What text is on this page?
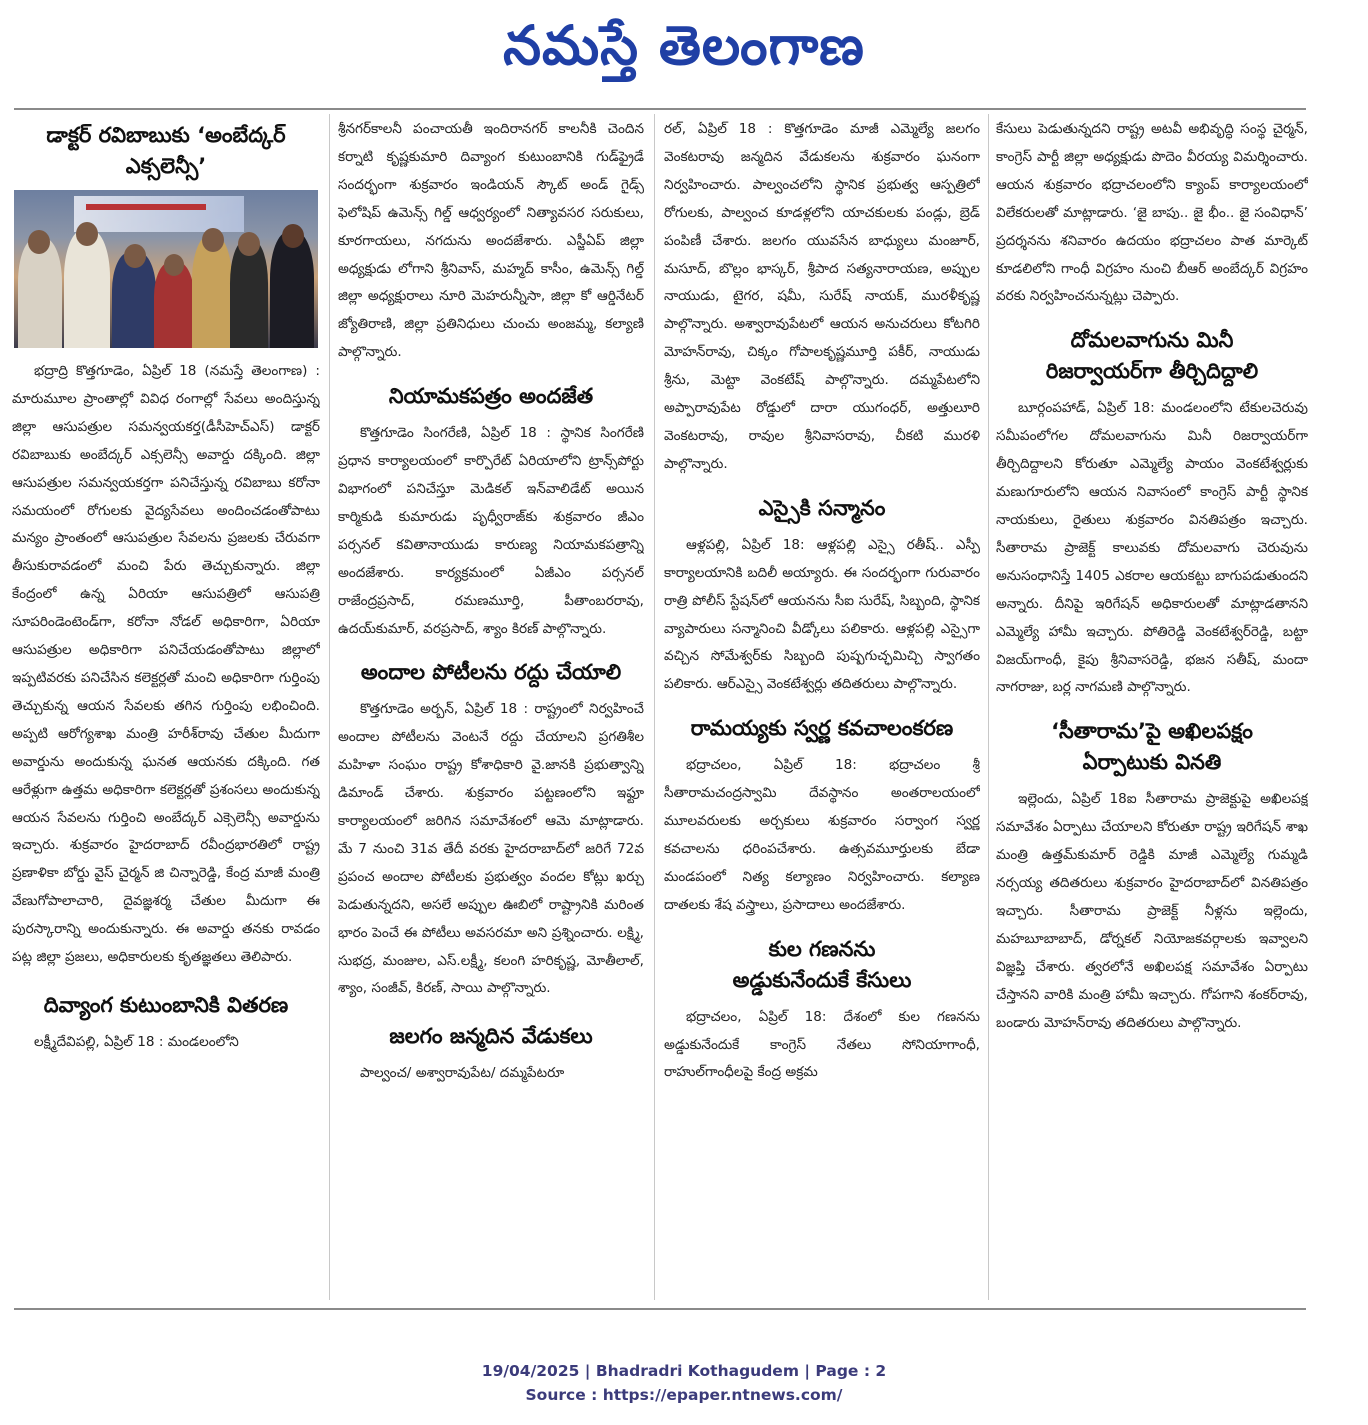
నమస్తే తెలంగాణ
డాక్టర్ రవిబాబుకు ‘అంబేద్కర్ ఎక్సలెన్సీ’

భద్రాద్రి కొత్తగూడెం, ఏప్రిల్ 18 (నమస్తే తెలంగాణ) : మారుమూల ప్రాంతాల్లో వివిధ రంగాల్లో సేవలు అందిస్తున్న జిల్లా ఆసుపత్రుల సమన్వయకర్త(డీసీహెచ్ఎస్) డాక్టర్ రవిబాబుకు అంబేద్కర్ ఎక్సలెన్సీ అవార్డు దక్కింది. జిల్లా ఆసుపత్రుల సమన్వయకర్తగా పనిచేస్తున్న రవిబాబు కరోనా సమయంలో రోగులకు వైద్యసేవలు అందించడంతోపాటు మన్యం ప్రాంతంలో ఆసుపత్రుల సేవలను ప్రజలకు చేరువగా తీసుకురావడంలో మంచి పేరు తెచ్చుకున్నారు. జిల్లా కేంద్రంలో ఉన్న ఏరియా ఆసుపత్రిలో ఆసుపత్రి సూపరిండెంటెండ్‌గా, కరోనా నోడల్ అధికారిగా, ఏరియా ఆసుపత్రుల అధికారిగా పనిచేయడంతోపాటు జిల్లాలో ఇప్పటివరకు పనిచేసిన కలెక్టర్లతో మంచి అధికారిగా గుర్తింపు తెచ్చుకున్న ఆయన సేవలకు తగిన గుర్తింపు లభించింది. అప్పటి ఆరోగ్యశాఖ మంత్రి హరీశ్‌రావు చేతుల మీదుగా అవార్డును అందుకున్న ఘనత ఆయనకు దక్కింది. గత ఆరేళ్లుగా ఉత్తమ అధికారిగా కలెక్టర్లతో ప్రశంసలు అందుకున్న ఆయన సేవలను గుర్తించి అంబేద్కర్ ఎక్సెలెన్సీ అవార్డును ఇచ్చారు. శుక్రవారం హైదరాబాద్ రవీంద్రభారతిలో రాష్ట్ర ప్రణాళికా బోర్డు వైస్ చైర్మన్ జి చిన్నారెడ్డి, కేంద్ర మాజీ మంత్రి వేణుగోపాలాచారి, దైవజ్ఞశర్మ చేతుల మీదుగా ఈ పురస్కారాన్ని అందుకున్నారు. ఈ అవార్డు తనకు రావడం పట్ల జిల్లా ప్రజలు, అధికారులకు కృతజ్ఞతలు తెలిపారు.

దివ్యాంగ కుటుంబానికి వితరణ

లక్ష్మీదేవిపల్లి, ఏప్రిల్ 18 : మండలంలోని

శ్రీనగర్‌కాలనీ పంచాయతీ ఇందిరానగర్ కాలనీకి చెందిన కర్నాటి కృష్ణకుమారి దివ్యాంగ కుటుంబానికి గుడ్‌ఫ్రైడే సందర్భంగా శుక్రవారం ఇండియన్ స్కౌట్ అండ్ గైడ్స్ ఫెలోషిప్ ఉమెన్స్ గిల్డ్ ఆధ్వర్యంలో నిత్యావసర సరుకులు, కూరగాయలు, నగదును అందజేశారు. ఎస్జీఏప్ జిల్లా అధ్యక్షుడు లోగాని శ్రీనివాస్, మహ్మద్ కాసీం, ఉమెన్స్ గిల్డ్ జిల్లా అధ్యక్షురాలు నూరి మెహరున్నీసా, జిల్లా కో ఆర్డినేటర్ జ్యోతిరాణి, జిల్లా ప్రతినిధులు చుంచు అంజమ్మ, కల్యాణి పాల్గొన్నారు.

నియామకపత్రం అందజేత

కొత్తగూడెం సింగరేణి, ఏప్రిల్ 18 : స్థానిక సింగరేణి ప్రధాన కార్యాలయంలో కార్పొరేట్ ఏరియాలోని ట్రాన్స్‌పోర్టు విభాగంలో పనిచేస్తూ మెడికల్ ఇన్‌వాలిడేట్ అయిన కార్మికుడి కుమారుడు పృధ్వీరాజ్‌కు శుక్రవారం జీఎం పర్సనల్ కవితానాయుడు కారుణ్య నియామకపత్రాన్ని అందజేశారు. కార్యక్రమంలో ఏజీఎం పర్సనల్ రాజేంద్రప్రసాద్, రమణమూర్తి, పీతాంబరరావు, ఉదయ్‌కుమార్, వరప్రసాద్, శ్యాం కిరణ్ పాల్గొన్నారు.

అందాల పోటీలను రద్దు చేయాలి

కొత్తగూడెం అర్బన్, ఏప్రిల్ 18 : రాష్ట్రంలో నిర్వహించే అందాల పోటీలను వెంటనే రద్దు చేయాలని ప్రగతిశీల మహిళా సంఘం రాష్ట్ర కోశాధికారి వై.జానకి ప్రభుత్వాన్ని డిమాండ్ చేశారు. శుక్రవారం పట్టణంలోని ఇఫ్టూ కార్యాలయంలో జరిగిన సమావేశంలో ఆమె మాట్లాడారు. మే 7 నుంచి 31వ తేదీ వరకు హైదరాబాద్‌లో జరిగే 72వ ప్రపంచ అందాల పోటీలకు ప్రభుత్వం వందల కోట్లు ఖర్చు పెడుతున్నదని, అసలే అప్పుల ఊబిలో రాష్ట్రానికి మరింత భారం పెంచే ఈ పోటీలు అవసరమా అని ప్రశ్నించారు. లక్ష్మి, సుభద్ర, మంజుల, ఎస్.లక్ష్మీ, కలంగి హరికృష్ణ, మోతీలాల్, శ్యాం, సంజీవ్, కిరణ్, సాయి పాల్గొన్నారు.

జలగం జన్మదిన వేడుకలు

పాల్వంచ/ అశ్వారావుపేట/ దమ్మపేటరూ

రల్, ఏప్రిల్ 18 : కొత్తగూడెం మాజీ ఎమ్మెల్యే జలగం వెంకటరావు జన్మదిన వేడుకలను శుక్రవారం ఘనంగా నిర్వహించారు. పాల్వంచలోని స్థానిక ప్రభుత్వ ఆస్పత్రిలో రోగులకు, పాల్వంచ కూడళ్లలోని యాచకులకు పండ్లు, బ్రెడ్ పంపిణీ చేశారు. జలగం యువసేన బాధ్యులు మంజూర్, మసూద్, బొల్లం భాస్కర్, శ్రీపాద సత్యనారాయణ, అప్పుల నాయుడు, టైగర, షమీ, సురేష్ నాయక్, మురళీకృష్ణ పాల్గొన్నారు. అశ్వారావుపేటలో ఆయన అనుచరులు కోటగిరి మోహన్‌రావు, చిక్కం గోపాలకృష్ణమూర్తి పకీర్, నాయుడు శ్రీను, మెట్టా వెంకటేష్ పాల్గొన్నారు. దమ్మపేటలోని అప్పారావుపేట రోడ్డులో దారా యుగంధర్, అత్తులూరి వెంకటరావు, రావుల శ్రీనివాసరావు, చీకటి మురళి పాల్గొన్నారు.

ఎస్సైకి సన్మానం

ఆళ్లపల్లి, ఏప్రిల్ 18: ఆళ్లపల్లి ఎస్సై రతీష్.. ఎస్పీ కార్యాలయానికి బదిలీ అయ్యారు. ఈ సందర్భంగా గురువారం రాత్రి పోలీస్ స్టేషన్‌లో ఆయనను సీఐ సురేష్, సిబ్బంది, స్థానిక వ్యాపారులు సన్మానించి వీడ్కోలు పలికారు. ఆళ్లపల్లి ఎస్సైగా వచ్చిన సోమేశ్వర్‌కు సిబ్బంది పుష్పగుచ్ఛమిచ్చి స్వాగతం పలికారు. ఆర్ఎస్సై వెంకటేశ్వర్లు తదితరులు పాల్గొన్నారు.

రామయ్యకు స్వర్ణ కవచాలంకరణ

భద్రాచలం, ఏప్రిల్ 18: భద్రాచలం శ్రీ సీతారామచంద్రస్వామి దేవస్థానం అంతరాలయంలో మూలవరులకు అర్చకులు శుక్రవారం సర్వాంగ స్వర్ణ కవచాలను ధరింపచేశారు. ఉత్సవమూర్తులకు బేడా మండపంలో నిత్య కల్యాణం నిర్వహించారు. కల్యాణ దాతలకు శేష వస్త్రాలు, ప్రసాదాలు అందజేశారు.

కుల గణనను అడ్డుకునేందుకే కేసులు

భద్రాచలం, ఏప్రిల్ 18: దేశంలో కుల గణనను అడ్డుకునేందుకే కాంగ్రెస్ నేతలు సోనియాగాంధీ, రాహుల్‌గాంధీలపై కేంద్ర అక్రమ

కేసులు పెడుతున్నదని రాష్ట్ర అటవీ అభివృద్ధి సంస్థ చైర్మన్, కాంగ్రెస్ పార్టీ జిల్లా అధ్యక్షుడు పొదెం వీరయ్య విమర్శించారు. ఆయన శుక్రవారం భద్రాచలంలోని క్యాంప్ కార్యాలయంలో విలేకరులతో మాట్లాడారు. ‘జై బాపు.. జై భీం.. జై సంవిధాన్’ ప్రదర్శనను శనివారం ఉదయం భద్రాచలం పాత మార్కెట్ కూడలిలోని గాంధీ విగ్రహం నుంచి బీఆర్ అంబేద్కర్ విగ్రహం వరకు నిర్వహించనున్నట్లు చెప్పారు.

దోమలవాగును మినీ రిజర్వాయర్‌గా తీర్చిదిద్దాలి

బూర్గంపహాడ్, ఏప్రిల్ 18: మండలంలోని టేకులచెరువు సమీపంలోగల దోమలవాగును మినీ రిజర్వాయర్‌గా తీర్చిదిద్దాలని కోరుతూ ఎమ్మెల్యే పాయం వెంకటేశ్వర్లుకు మణుగూరులోని ఆయన నివాసంలో కాంగ్రెస్ పార్టీ స్థానిక నాయకులు, రైతులు శుక్రవారం వినతిపత్రం ఇచ్చారు. సీతారామ ప్రాజెక్ట్ కాలువకు దోమలవాగు చెరువును అనుసంధానిస్తే 1405 ఎకరాల ఆయకట్టు బాగుపడుతుందని అన్నారు. దీనిపై ఇరిగేషన్ అధికారులతో మాట్లాడతానని ఎమ్మెల్యే హామీ ఇచ్చారు. పోతిరెడ్డి వెంకటేశ్వర్‌రెడ్డి, బట్టా విజయ్‌గాంధీ, కైపు శ్రీనివాసరెడ్డి, భజన సతీష్, మందా నాగరాజు, బర్ల నాగమణి పాల్గొన్నారు.

‘సీతారామ’పై అఖిలపక్షం ఏర్పాటుకు వినతి

ఇల్లెందు, ఏప్రిల్ 18ఐ సీతారామ ప్రాజెక్టుపై అఖిలపక్ష సమావేశం ఏర్పాటు చేయాలని కోరుతూ రాష్ట్ర ఇరిగేషన్ శాఖ మంత్రి ఉత్తమ్‌కుమార్ రెడ్డికి మాజీ ఎమ్మెల్యే గుమ్మడి నర్సయ్య తదితరులు శుక్రవారం హైదరాబాద్‌లో వినతిపత్రం ఇచ్చారు. సీతారామ ప్రాజెక్ట్ నీళ్లను ఇల్లెందు, మహబూబాబాద్, డోర్నకల్ నియోజకవర్గాలకు ఇవ్వాలని విజ్ఞప్తి చేశారు. త్వరలోనే అఖిలపక్ష సమావేశం ఏర్పాటు చేస్తానని వారికి మంత్రి హామీ ఇచ్చారు. గోపగాని శంకర్‌రావు, బండారు మోహన్‌రావు తదితరులు పాల్గొన్నారు.

19/04/2025 | Bhadradri Kothagudem | Page : 2
Source : https://epaper.ntnews.com/
